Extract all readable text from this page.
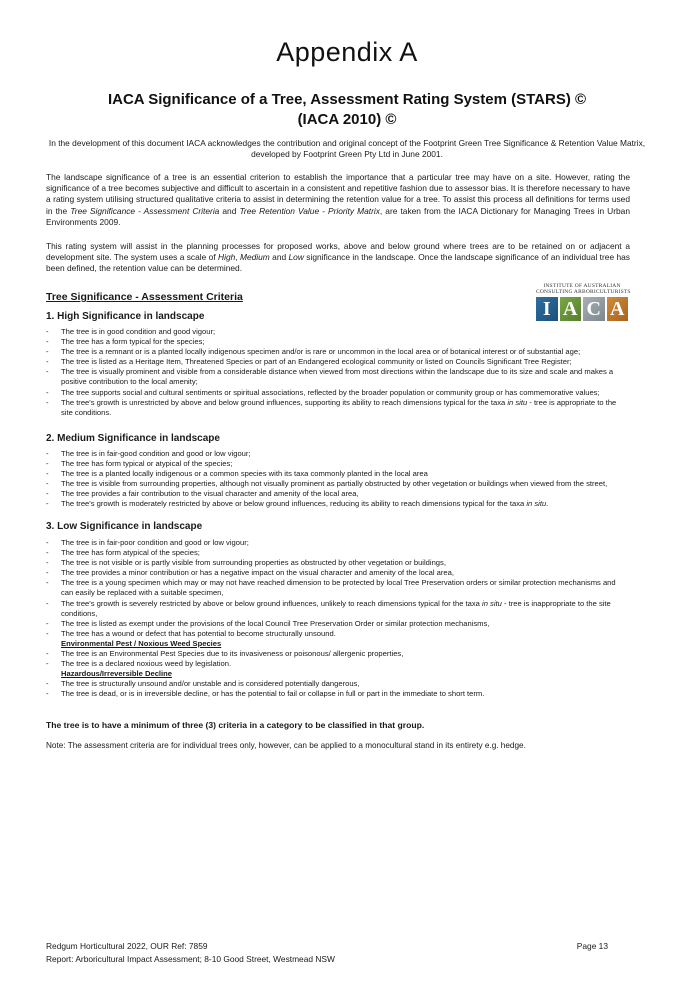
Appendix A
IACA Significance of a Tree, Assessment Rating System (STARS) ©
(IACA 2010) ©
In the development of this document IACA acknowledges the contribution and original concept of the Footprint Green Tree Significance & Retention Value Matrix, developed by Footprint Green Pty Ltd in June 2001.
The landscape significance of a tree is an essential criterion to establish the importance that a particular tree may have on a site. However, rating the significance of a tree becomes subjective and difficult to ascertain in a consistent and repetitive fashion due to assessor bias. It is therefore necessary to have a rating system utilising structured qualitative criteria to assist in determining the retention value for a tree. To assist this process all definitions for terms used in the Tree Significance - Assessment Criteria and Tree Retention Value - Priority Matrix, are taken from the IACA Dictionary for Managing Trees in Urban Environments 2009.
This rating system will assist in the planning processes for proposed works, above and below ground where trees are to be retained on or adjacent a development site. The system uses a scale of High, Medium and Low significance in the landscape. Once the landscape significance of an individual tree has been defined, the retention value can be determined.
Tree Significance - Assessment Criteria
INSTITUTE OF AUSTRALIAN
CONSULTING ARBORICULTURISTS
I A C A
1. High Significance in landscape
- The tree is in good condition and good vigour;
- The tree has a form typical for the species;
- The tree is a remnant or is a planted locally indigenous specimen and/or is rare or uncommon in the local area or of botanical interest or of substantial age;
- The tree is listed as a Heritage Item, Threatened Species or part of an Endangered ecological community or listed on Councils Significant Tree Register;
- The tree is visually prominent and visible from a considerable distance when viewed from most directions within the landscape due to its size and scale and makes a positive contribution to the local amenity;
- The tree supports social and cultural sentiments or spiritual associations, reflected by the broader population or community group or has commemorative values;
- The tree's growth is unrestricted by above and below ground influences, supporting its ability to reach dimensions typical for the taxa in situ - tree is appropriate to the site conditions.
2. Medium Significance in landscape
- The tree is in fair-good condition and good or low vigour;
- The tree has form typical or atypical of the species;
- The tree is a planted locally indigenous or a common species with its taxa commonly planted in the local area
- The tree is visible from surrounding properties, although not visually prominent as partially obstructed by other vegetation or buildings when viewed from the street,
- The tree provides a fair contribution to the visual character and amenity of the local area,
- The tree's growth is moderately restricted by above or below ground influences, reducing its ability to reach dimensions typical for the taxa in situ.
3. Low Significance in landscape
- The tree is in fair-poor condition and good or low vigour;
- The tree has form atypical of the species;
- The tree is not visible or is partly visible from surrounding properties as obstructed by other vegetation or buildings,
- The tree provides a minor contribution or has a negative impact on the visual character and amenity of the local area,
- The tree is a young specimen which may or may not have reached dimension to be protected by local Tree Preservation orders or similar protection mechanisms and can easily be replaced with a suitable specimen,
- The tree's growth is severely restricted by above or below ground influences, unlikely to reach dimensions typical for the taxa in situ - tree is inappropriate to the site conditions,
- The tree is listed as exempt under the provisions of the local Council Tree Preservation Order or similar protection mechanisms,
- The tree has a wound or defect that has potential to become structurally unsound.
Environmental Pest / Noxious Weed Species
- The tree is an Environmental Pest Species due to its invasiveness or poisonous/ allergenic properties,
- The tree is a declared noxious weed by legislation.
Hazardous/Irreversible Decline
- The tree is structurally unsound and/or unstable and is considered potentially dangerous,
- The tree is dead, or is in irreversible decline, or has the potential to fail or collapse in full or part in the immediate to short term.
The tree is to have a minimum of three (3) criteria in a category to be classified in that group.
Note: The assessment criteria are for individual trees only, however, can be applied to a monocultural stand in its entirety e.g. hedge.
Redgum Horticultural 2022, OUR Ref: 7859	Page 13
Report: Arboricultural Impact Assessment; 8-10 Good Street, Westmead NSW
